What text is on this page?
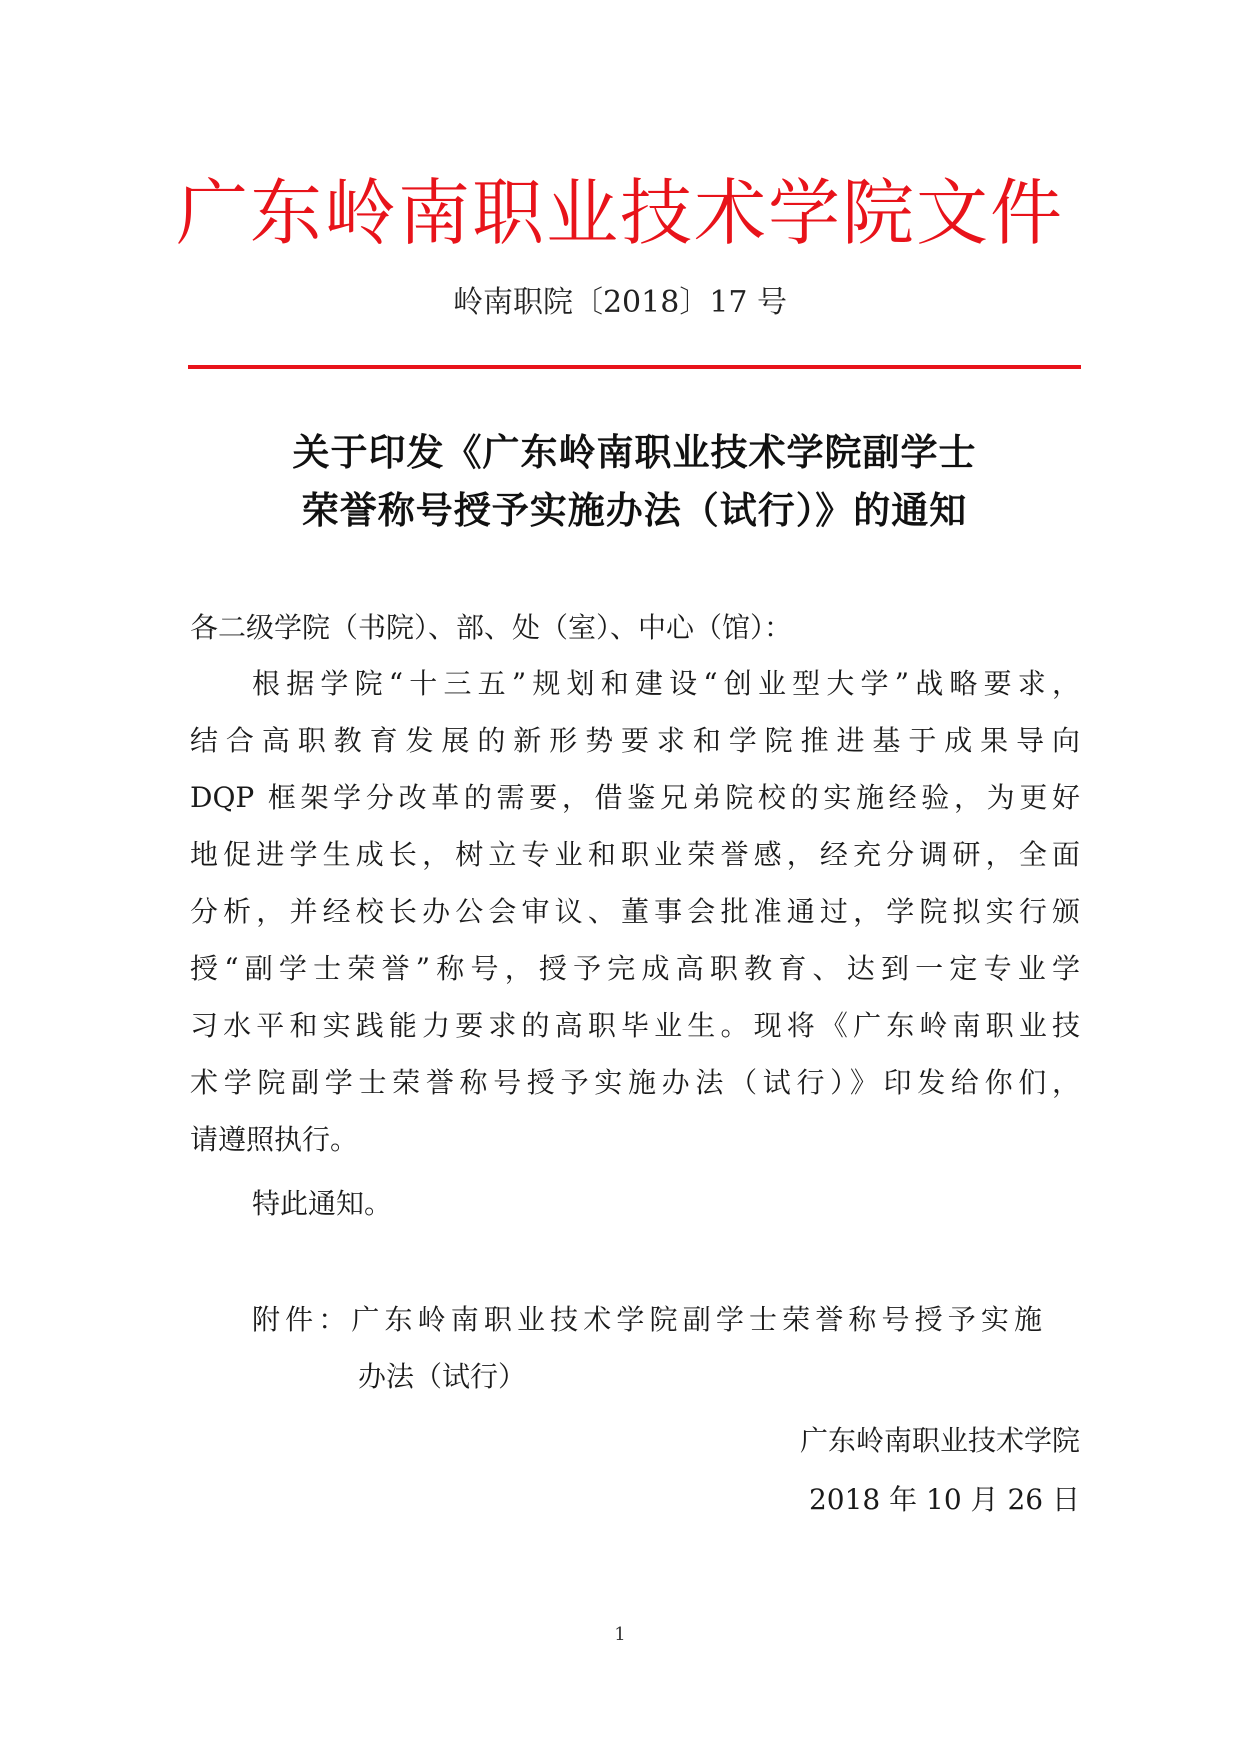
广东岭南职业技术学院文件
岭南职院〔2018〕17 号
关于印发《广东岭南职业技术学院副学士
荣誉称号授予实施办法（试行）》的通知
各二级学院（书院）、部、处（室）、中心（馆）：
根据学院“十三五”规划和建设“创业型大学”战略要求，
结合高职教育发展的新形势要求和学院推进基于成果导向
DQP 框架学分改革的需要，借鉴兄弟院校的实施经验，为更好
地促进学生成长，树立专业和职业荣誉感，经充分调研，全面
分析，并经校长办公会审议、董事会批准通过，学院拟实行颁
授“副学士荣誉”称号，授予完成高职教育、达到一定专业学
习水平和实践能力要求的高职毕业生。现将《广东岭南职业技
术学院副学士荣誉称号授予实施办法（试行）》印发给你们，
请遵照执行。
特此通知。
附件：广东岭南职业技术学院副学士荣誉称号授予实施
办法（试行）
广东岭南职业技术学院
2018 年 10 月 26 日
1
